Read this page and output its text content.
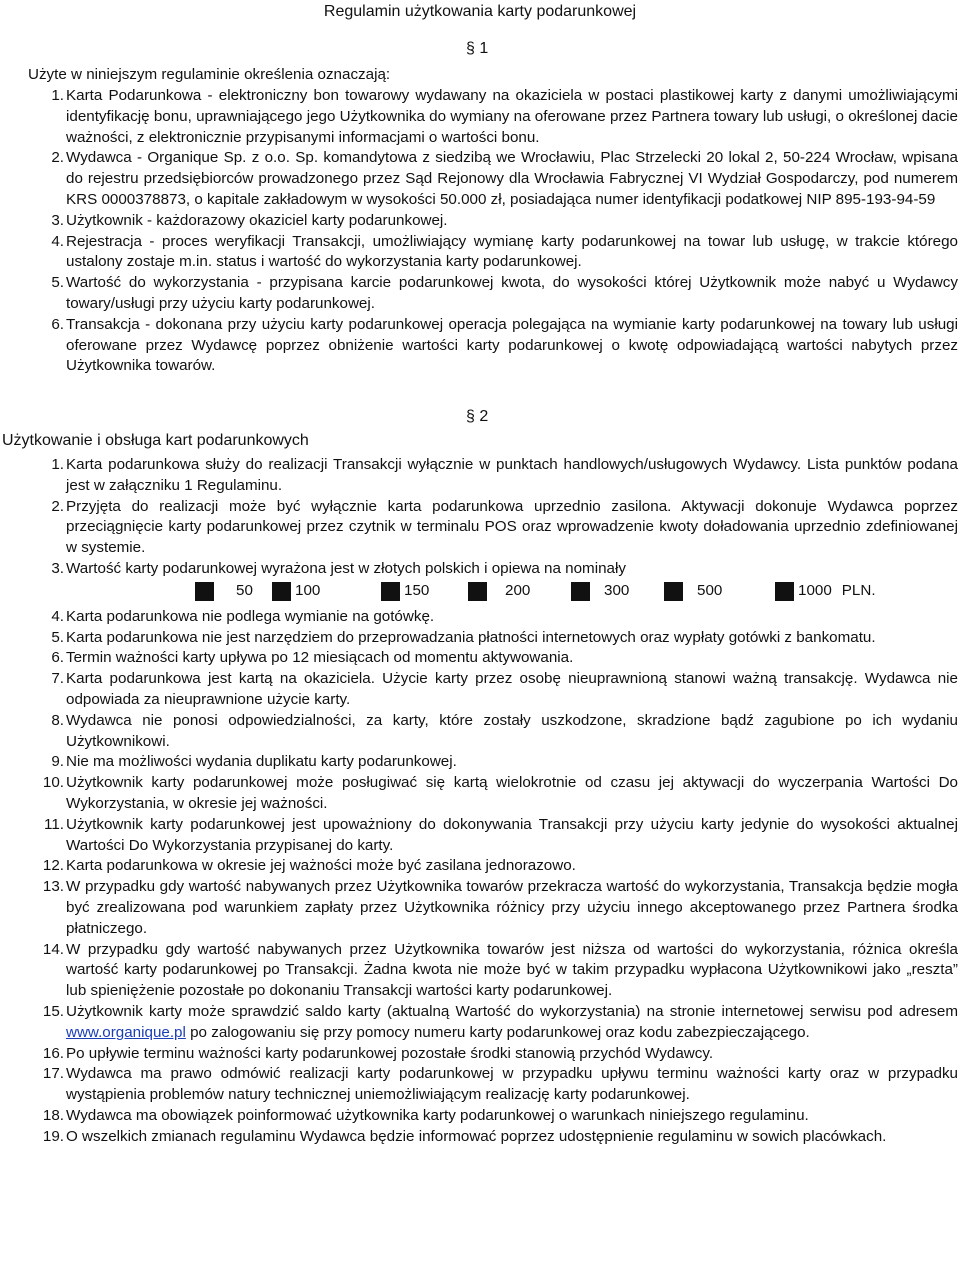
Regulamin użytkowania karty podarunkowej
§ 1
Użyte w niniejszym regulaminie określenia oznaczają:
1. Karta Podarunkowa - elektroniczny bon towarowy wydawany na okaziciela w postaci plastikowej karty z danymi umożliwiającymi identyfikację bonu, uprawniającego jego Użytkownika do wymiany na oferowane przez Partnera towary lub usługi, o określonej dacie ważności, z elektronicznie przypisanymi informacjami o wartości bonu.
2. Wydawca - Organique Sp. z o.o. Sp. komandytowa z siedzibą we Wrocławiu, Plac Strzelecki 20 lokal 2, 50-224 Wrocław, wpisana do rejestru przedsiębiorców prowadzonego przez Sąd Rejonowy dla Wrocławia Fabrycznej VI Wydział Gospodarczy, pod numerem KRS 0000378873, o kapitale zakładowym w wysokości 50.000 zł, posiadająca numer identyfikacji podatkowej NIP 895-193-94-59
3. Użytkownik - każdorazowy okaziciel karty podarunkowej.
4. Rejestracja - proces weryfikacji Transakcji, umożliwiający wymianę karty podarunkowej na towar lub usługę, w trakcie którego ustalony zostaje m.in. status i wartość do wykorzystania karty podarunkowej.
5. Wartość do wykorzystania - przypisana karcie podarunkowej kwota, do wysokości której Użytkownik może nabyć u Wydawcy towary/usługi przy użyciu karty podarunkowej.
6. Transakcja - dokonana przy użyciu karty podarunkowej operacja polegająca na wymianie karty podarunkowej na towary lub usługi oferowane przez Wydawcę poprzez obniżenie wartości karty podarunkowej o kwotę odpowiadającą wartości nabytych przez Użytkownika towarów.
§ 2
Użytkowanie i obsługa kart podarunkowych
1. Karta podarunkowa służy do realizacji Transakcji wyłącznie w punktach handlowych/usługowych Wydawcy. Lista punktów podana jest w załączniku 1 Regulaminu.
2. Przyjęta do realizacji może być wyłącznie karta podarunkowa uprzednio zasilona. Aktywacji dokonuje Wydawca poprzez przeciągnięcie karty podarunkowej przez czytnik w terminalu POS oraz wprowadzenie kwoty doładowania uprzednio zdefiniowanej w systemie.
3. Wartość karty podarunkowej wyrażona jest w złotych polskich i opiewa na nominały
50	100	150	200	300	500	1000 PLN.
4. Karta podarunkowa nie podlega wymianie na gotówkę.
5. Karta podarunkowa nie jest narzędziem do przeprowadzania płatności internetowych oraz wypłaty gotówki z bankomatu.
6. Termin ważności karty upływa po 12 miesiącach od momentu aktywowania.
7. Karta podarunkowa jest kartą na okaziciela. Użycie karty przez osobę nieuprawnioną stanowi ważną transakcję. Wydawca nie odpowiada za nieuprawnione użycie karty.
8. Wydawca nie ponosi odpowiedzialności, za karty, które zostały uszkodzone, skradzione bądź zagubione po ich wydaniu Użytkownikowi.
9. Nie ma możliwości wydania duplikatu karty podarunkowej.
10. Użytkownik karty podarunkowej może posługiwać się kartą wielokrotnie od czasu jej aktywacji do wyczerpania Wartości Do Wykorzystania, w okresie jej ważności.
11. Użytkownik karty podarunkowej jest upoważniony do dokonywania Transakcji przy użyciu karty jedynie do wysokości aktualnej Wartości Do Wykorzystania przypisanej do karty.
12. Karta podarunkowa w okresie jej ważności może być zasilana jednorazowo.
13. W przypadku gdy wartość nabywanych przez Użytkownika towarów przekracza wartość do wykorzystania, Transakcja będzie mogła być zrealizowana pod warunkiem zapłaty przez Użytkownika różnicy przy użyciu innego akceptowanego przez Partnera środka płatniczego.
14. W przypadku gdy wartość nabywanych przez Użytkownika towarów jest niższa od wartości do wykorzystania, różnica określa wartość karty podarunkowej po Transakcji. Żadna kwota nie może być w takim przypadku wypłacona Użytkownikowi jako „reszta” lub spieniężenie pozostałe po dokonaniu Transakcji wartości karty podarunkowej.
15. Użytkownik karty może sprawdzić saldo karty (aktualną Wartość do wykorzystania) na stronie internetowej serwisu pod adresem www.organique.pl po zalogowaniu się przy pomocy numeru karty podarunkowej oraz kodu zabezpieczającego.
16. Po upływie terminu ważności karty podarunkowej pozostałe środki stanowią przychód Wydawcy.
17. Wydawca ma prawo odmówić realizacji karty podarunkowej w przypadku upływu terminu ważności karty oraz w przypadku wystąpienia problemów natury technicznej uniemożliwiającym realizację karty podarunkowej.
18. Wydawca ma obowiązek poinformować użytkownika karty podarunkowej o warunkach niniejszego regulaminu.
19. O wszelkich zmianach regulaminu Wydawca będzie informować poprzez udostępnienie regulaminu w sowich placówkach.
